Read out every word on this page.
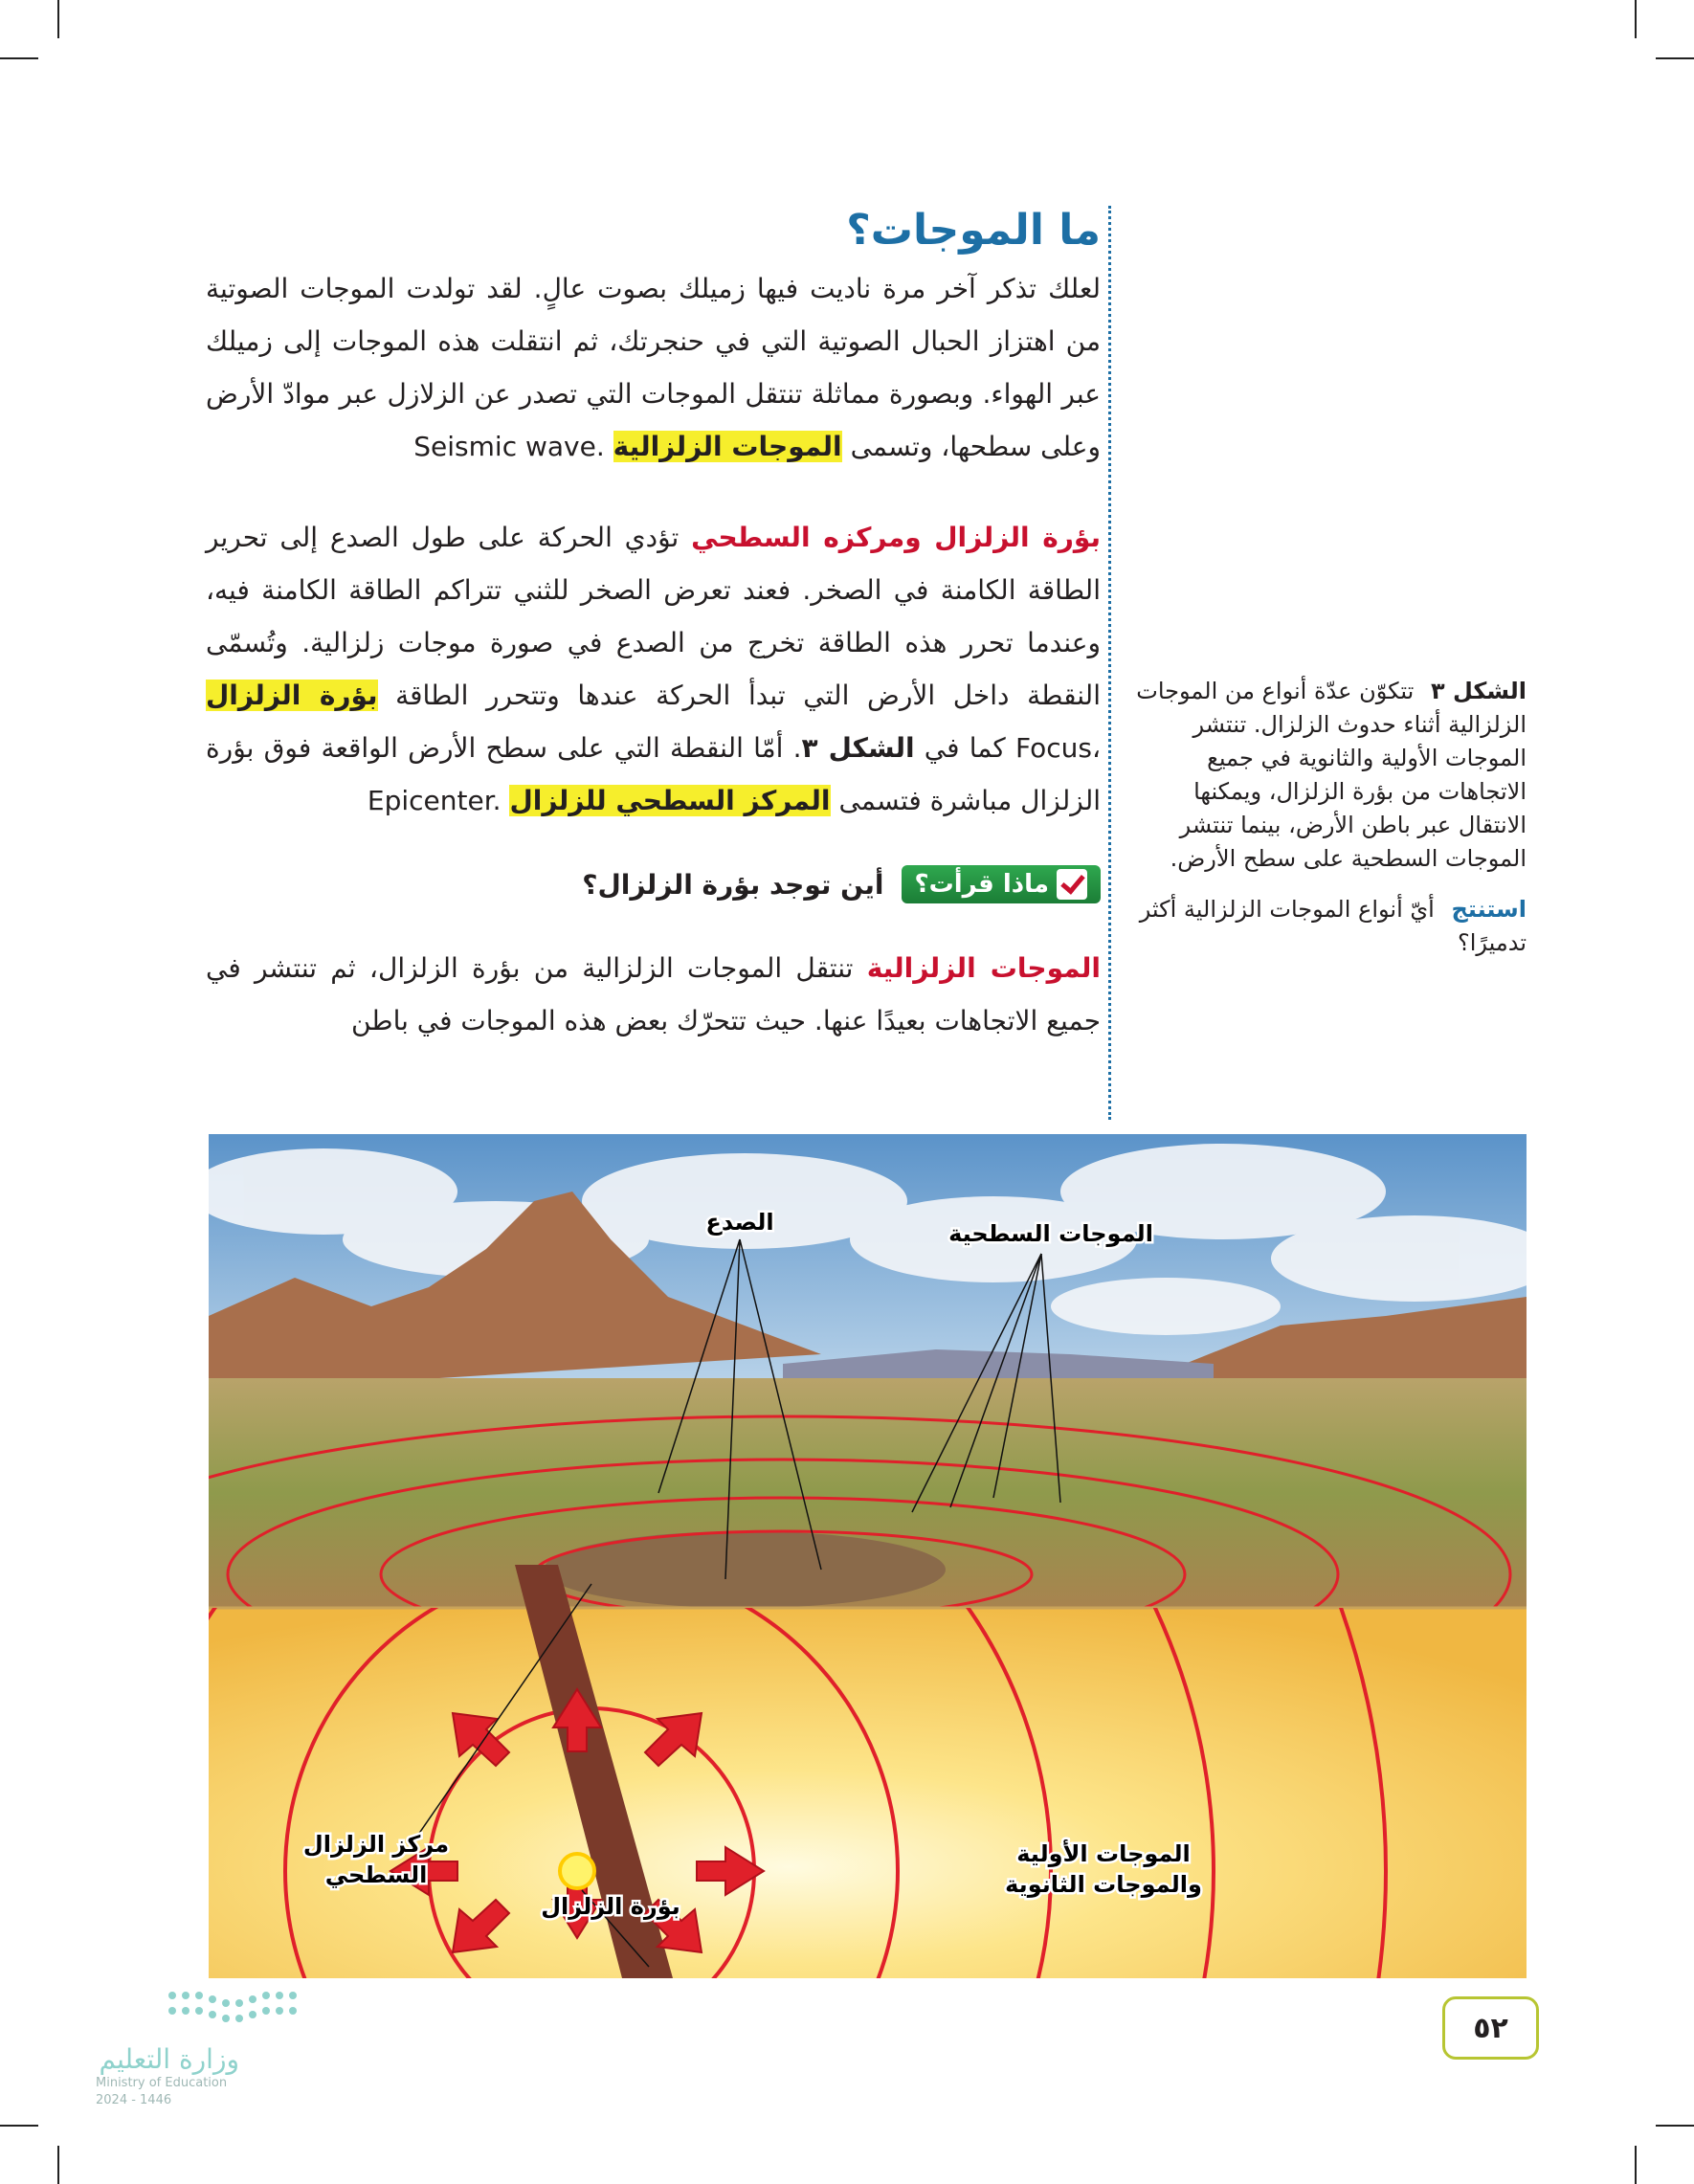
ما الموجات؟

لعلك تذكر آخر مرة ناديت فيها زميلك بصوت عالٍ. لقد تولدت الموجات الصوتية من اهتزاز الحبال الصوتية التي في حنجرتك، ثم انتقلت هذه الموجات إلى زميلك عبر الهواء. وبصورة مماثلة تنتقل الموجات التي تصدر عن الزلازل عبر موادّ الأرض وعلى سطحها، وتسمى الموجات الزلزالية Seismic wave.

بؤرة الزلزال ومركزه السطحي تؤدي الحركة على طول الصدع إلى تحرير الطاقة الكامنة في الصخر. فعند تعرض الصخر للثني تتراكم الطاقة الكامنة فيه، وعندما تحرر هذه الطاقة تخرج من الصدع في صورة موجات زلزالية. وتُسمّى النقطة داخل الأرض التي تبدأ الحركة عندها وتتحرر الطاقة بؤرة الزلزال Focus، كما في الشكل ٣. أمّا النقطة التي على سطح الأرض الواقعة فوق بؤرة الزلزال مباشرة فتسمى المركز السطحي للزلزال Epicenter.

ماذا قرأت؟
أين توجد بؤرة الزلزال؟

الموجات الزلزالية تنتقل الموجات الزلزالية من بؤرة الزلزال، ثم تنتشر في جميع الاتجاهات بعيدًا عنها. حيث تتحرّك بعض هذه الموجات في باطن

الشكل ٣ تتكوّن عدّة أنواع من الموجات الزلزالية أثناء حدوث الزلزال. تنتشر الموجات الأولية والثانوية في جميع الاتجاهات من بؤرة الزلزال، ويمكنها الانتقال عبر باطن الأرض، بينما تنتشر الموجات السطحية على سطح الأرض.

استنتج أيّ أنواع الموجات الزلزالية أكثر تدميرًا؟

الصدع	الموجات السطحية
الموجات الأولية
والموجات الثانوية
مركز الزلزال
السطحي
بؤرة الزلزال
٥٢
وزارة التعليم
Ministry of Education
2024 - 1446
